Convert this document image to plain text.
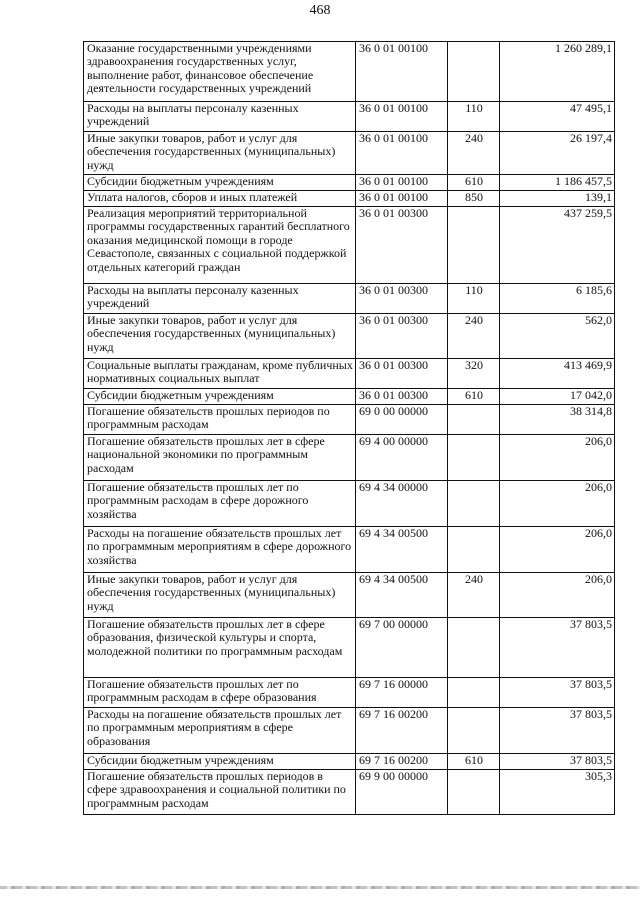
468
Оказание государственными учреждениями здравоохранения государственных услуг, выполнение работ, финансовое обеспечение деятельности государственных учреждений	36 0 01 00100		1 260 289,1
Расходы на выплаты персоналу казенных учреждений	36 0 01 00100	110	47 495,1
Иные закупки товаров, работ и услуг для обеспечения государственных (муниципальных) нужд	36 0 01 00100	240	26 197,4
Субсидии бюджетным учреждениям	36 0 01 00100	610	1 186 457,5
Уплата налогов, сборов и иных платежей	36 0 01 00100	850	139,1
Реализация мероприятий территориальной программы государственных гарантий бесплатного оказания медицинской помощи в городе Севастополе, связанных с социальной поддержкой отдельных категорий граждан	36 0 01 00300		437 259,5
Расходы на выплаты персоналу казенных учреждений	36 0 01 00300	110	6 185,6
Иные закупки товаров, работ и услуг для обеспечения государственных (муниципальных) нужд	36 0 01 00300	240	562,0
Социальные выплаты гражданам, кроме публичных нормативных социальных выплат	36 0 01 00300	320	413 469,9
Субсидии бюджетным учреждениям	36 0 01 00300	610	17 042,0
Погашение обязательств прошлых периодов по программным расходам	69 0 00 00000		38 314,8
Погашение обязательств прошлых лет в сфере национальной экономики по программным расходам	69 4 00 00000		206,0
Погашение обязательств прошлых лет по программным расходам в сфере дорожного хозяйства	69 4 34 00000		206,0
Расходы на погашение обязательств прошлых лет по программным мероприятиям в сфере дорожного хозяйства	69 4 34 00500		206,0
Иные закупки товаров, работ и услуг для обеспечения государственных (муниципальных) нужд	69 4 34 00500	240	206,0
Погашение обязательств прошлых лет в сфере образования, физической культуры и спорта, молодежной политики по программным расходам	69 7 00 00000		37 803,5
Погашение обязательств прошлых лет по программным расходам в сфере образования	69 7 16 00000		37 803,5
Расходы на погашение обязательств прошлых лет по программным мероприятиям в сфере образования	69 7 16 00200		37 803,5
Субсидии бюджетным учреждениям	69 7 16 00200	610	37 803,5
Погашение обязательств прошлых периодов в сфере здравоохранения и социальной политики по программным расходам	69 9 00 00000		305,3
